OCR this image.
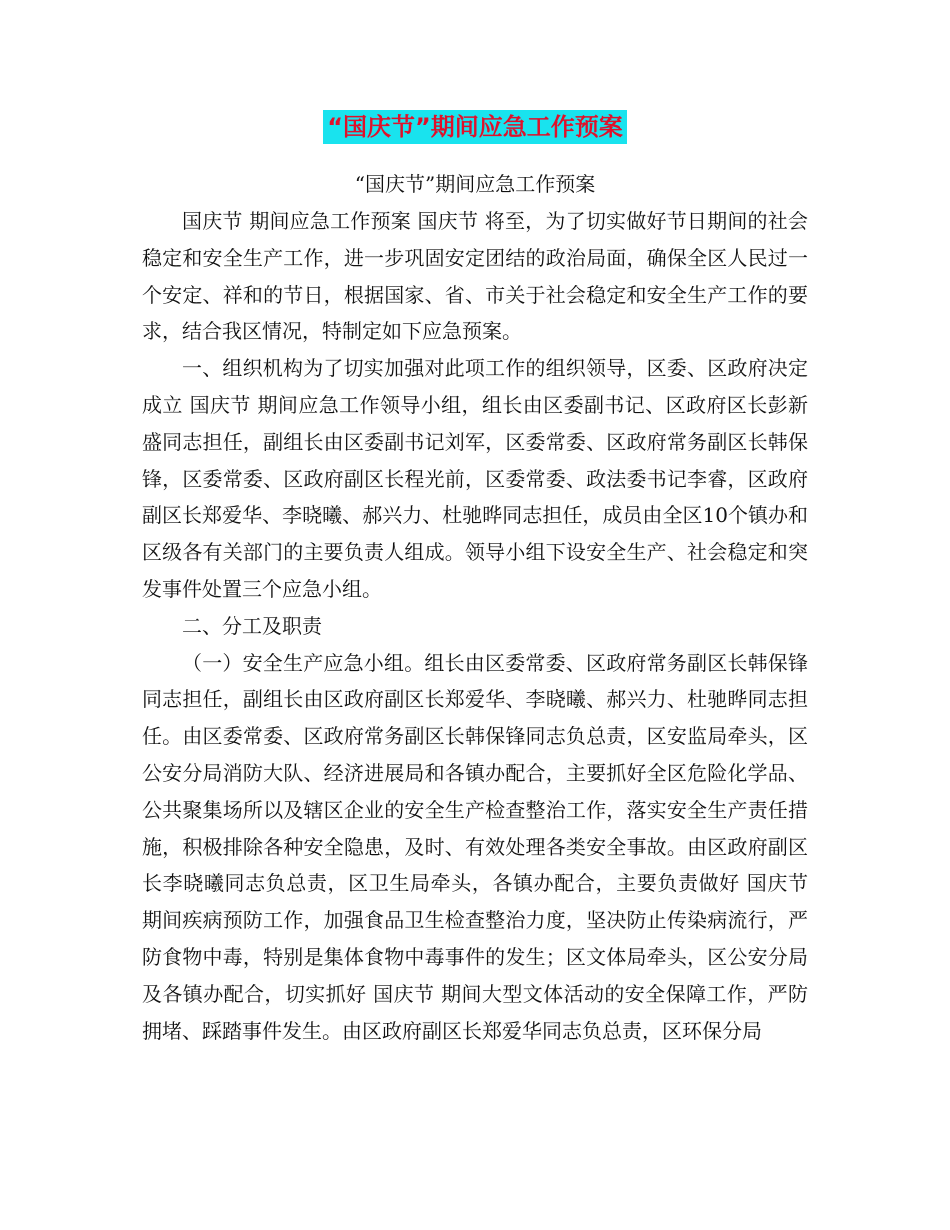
“国庆节”期间应急工作预案
“国庆节”期间应急工作预案

国庆节 期间应急工作预案 国庆节 将至，为了切实做好节日期间的社会稳定和安全生产工作，进一步巩固安定团结的政治局面，确保全区人民过一个安定、祥和的节日，根据国家、省、市关于社会稳定和安全生产工作的要求，结合我区情况，特制定如下应急预案。

一、组织机构为了切实加强对此项工作的组织领导，区委、区政府决定成立 国庆节 期间应急工作领导小组，组长由区委副书记、区政府区长彭新盛同志担任，副组长由区委副书记刘军，区委常委、区政府常务副区长韩保锋，区委常委、区政府副区长程光前，区委常委、政法委书记李睿，区政府副区长郑爱华、李晓曦、郝兴力、杜驰晔同志担任，成员由全区10个镇办和区级各有关部门的主要负责人组成。领导小组下设安全生产、社会稳定和突发事件处置三个应急小组。

二、分工及职责

（一）安全生产应急小组。组长由区委常委、区政府常务副区长韩保锋同志担任，副组长由区政府副区长郑爱华、李晓曦、郝兴力、杜驰晔同志担任。由区委常委、区政府常务副区长韩保锋同志负总责，区安监局牵头，区公安分局消防大队、经济进展局和各镇办配合，主要抓好全区危险化学品、公共聚集场所以及辖区企业的安全生产检查整治工作，落实安全生产责任措施，积极排除各种安全隐患，及时、有效处理各类安全事故。由区政府副区长李晓曦同志负总责，区卫生局牵头，各镇办配合，主要负责做好 国庆节 期间疾病预防工作，加强食品卫生检查整治力度，坚决防止传染病流行，严防食物中毒，特别是集体食物中毒事件的发生；区文体局牵头，区公安分局及各镇办配合，切实抓好 国庆节 期间大型文体活动的安全保障工作，严防拥堵、踩踏事件发生。由区政府副区长郑爱华同志负总责，区环保分局
